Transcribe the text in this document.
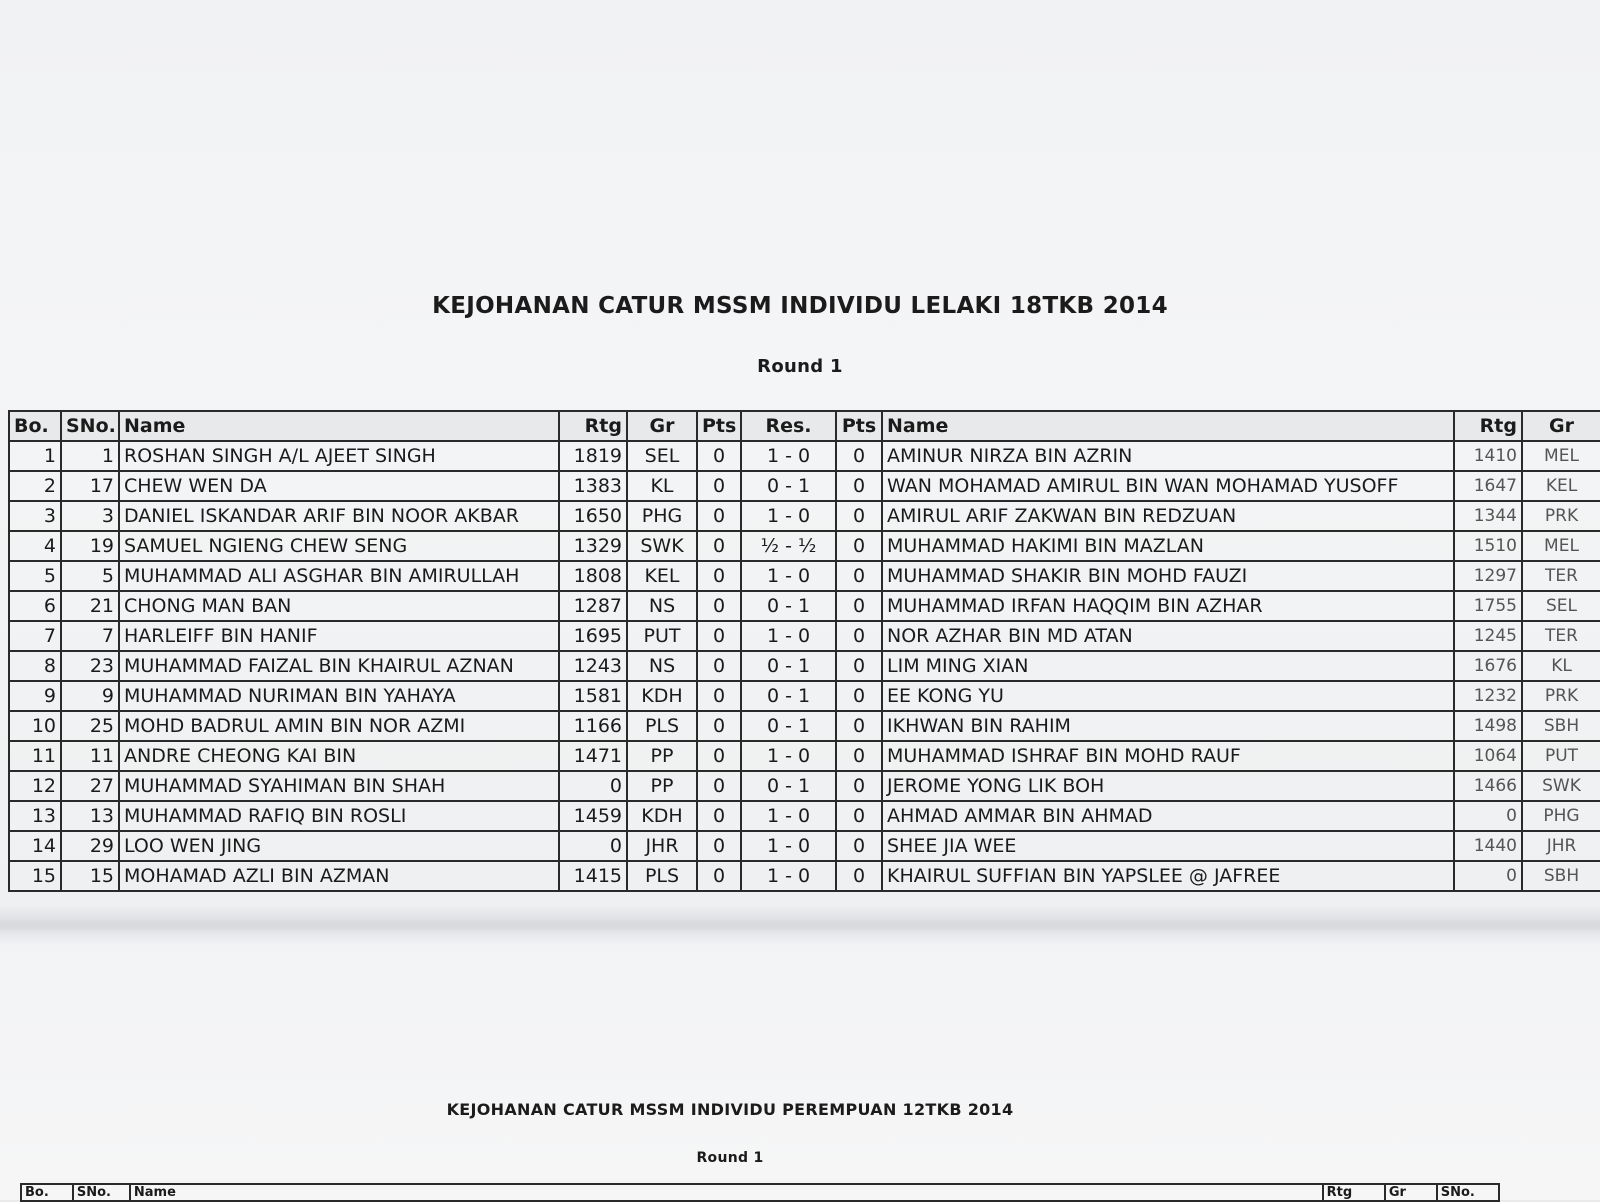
KEJOHANAN CATUR MSSM INDIVIDU LELAKI 18TKB 2014
Round 1
Bo.	SNo.	Name	Rtg	Gr	Pts	Res.	Pts	Name	Rtg	Gr
1	1	ROSHAN SINGH A/L AJEET SINGH	1819	SEL	0	1 - 0	0	AMINUR NIRZA BIN AZRIN	1410	MEL
2	17	CHEW WEN DA	1383	KL	0	0 - 1	0	WAN MOHAMAD AMIRUL BIN WAN MOHAMAD YUSOFF	1647	KEL
3	3	DANIEL ISKANDAR ARIF BIN NOOR AKBAR	1650	PHG	0	1 - 0	0	AMIRUL ARIF ZAKWAN BIN REDZUAN	1344	PRK
4	19	SAMUEL NGIENG CHEW SENG	1329	SWK	0	½ - ½	0	MUHAMMAD HAKIMI BIN MAZLAN	1510	MEL
5	5	MUHAMMAD ALI ASGHAR BIN AMIRULLAH	1808	KEL	0	1 - 0	0	MUHAMMAD SHAKIR BIN MOHD FAUZI	1297	TER
6	21	CHONG MAN BAN	1287	NS	0	0 - 1	0	MUHAMMAD IRFAN HAQQIM BIN AZHAR	1755	SEL
7	7	HARLEIFF BIN HANIF	1695	PUT	0	1 - 0	0	NOR AZHAR BIN MD ATAN	1245	TER
8	23	MUHAMMAD FAIZAL BIN KHAIRUL AZNAN	1243	NS	0	0 - 1	0	LIM MING XIAN	1676	KL
9	9	MUHAMMAD NURIMAN BIN YAHAYA	1581	KDH	0	0 - 1	0	EE KONG YU	1232	PRK
10	25	MOHD BADRUL AMIN BIN NOR AZMI	1166	PLS	0	0 - 1	0	IKHWAN BIN RAHIM	1498	SBH
11	11	ANDRE CHEONG KAI BIN	1471	PP	0	1 - 0	0	MUHAMMAD ISHRAF BIN MOHD RAUF	1064	PUT
12	27	MUHAMMAD SYAHIMAN BIN SHAH	0	PP	0	0 - 1	0	JEROME YONG LIK BOH	1466	SWK
13	13	MUHAMMAD RAFIQ BIN ROSLI	1459	KDH	0	1 - 0	0	AHMAD AMMAR BIN AHMAD	0	PHG
14	29	LOO WEN JING	0	JHR	0	1 - 0	0	SHEE JIA WEE	1440	JHR
15	15	MOHAMAD AZLI BIN AZMAN	1415	PLS	0	1 - 0	0	KHAIRUL SUFFIAN BIN YAPSLEE @ JAFREE	0	SBH
KEJOHANAN CATUR MSSM INDIVIDU PEREMPUAN 12TKB 2014
Round 1
Bo.	SNo.	Name	Rtg	Gr	SNo.
